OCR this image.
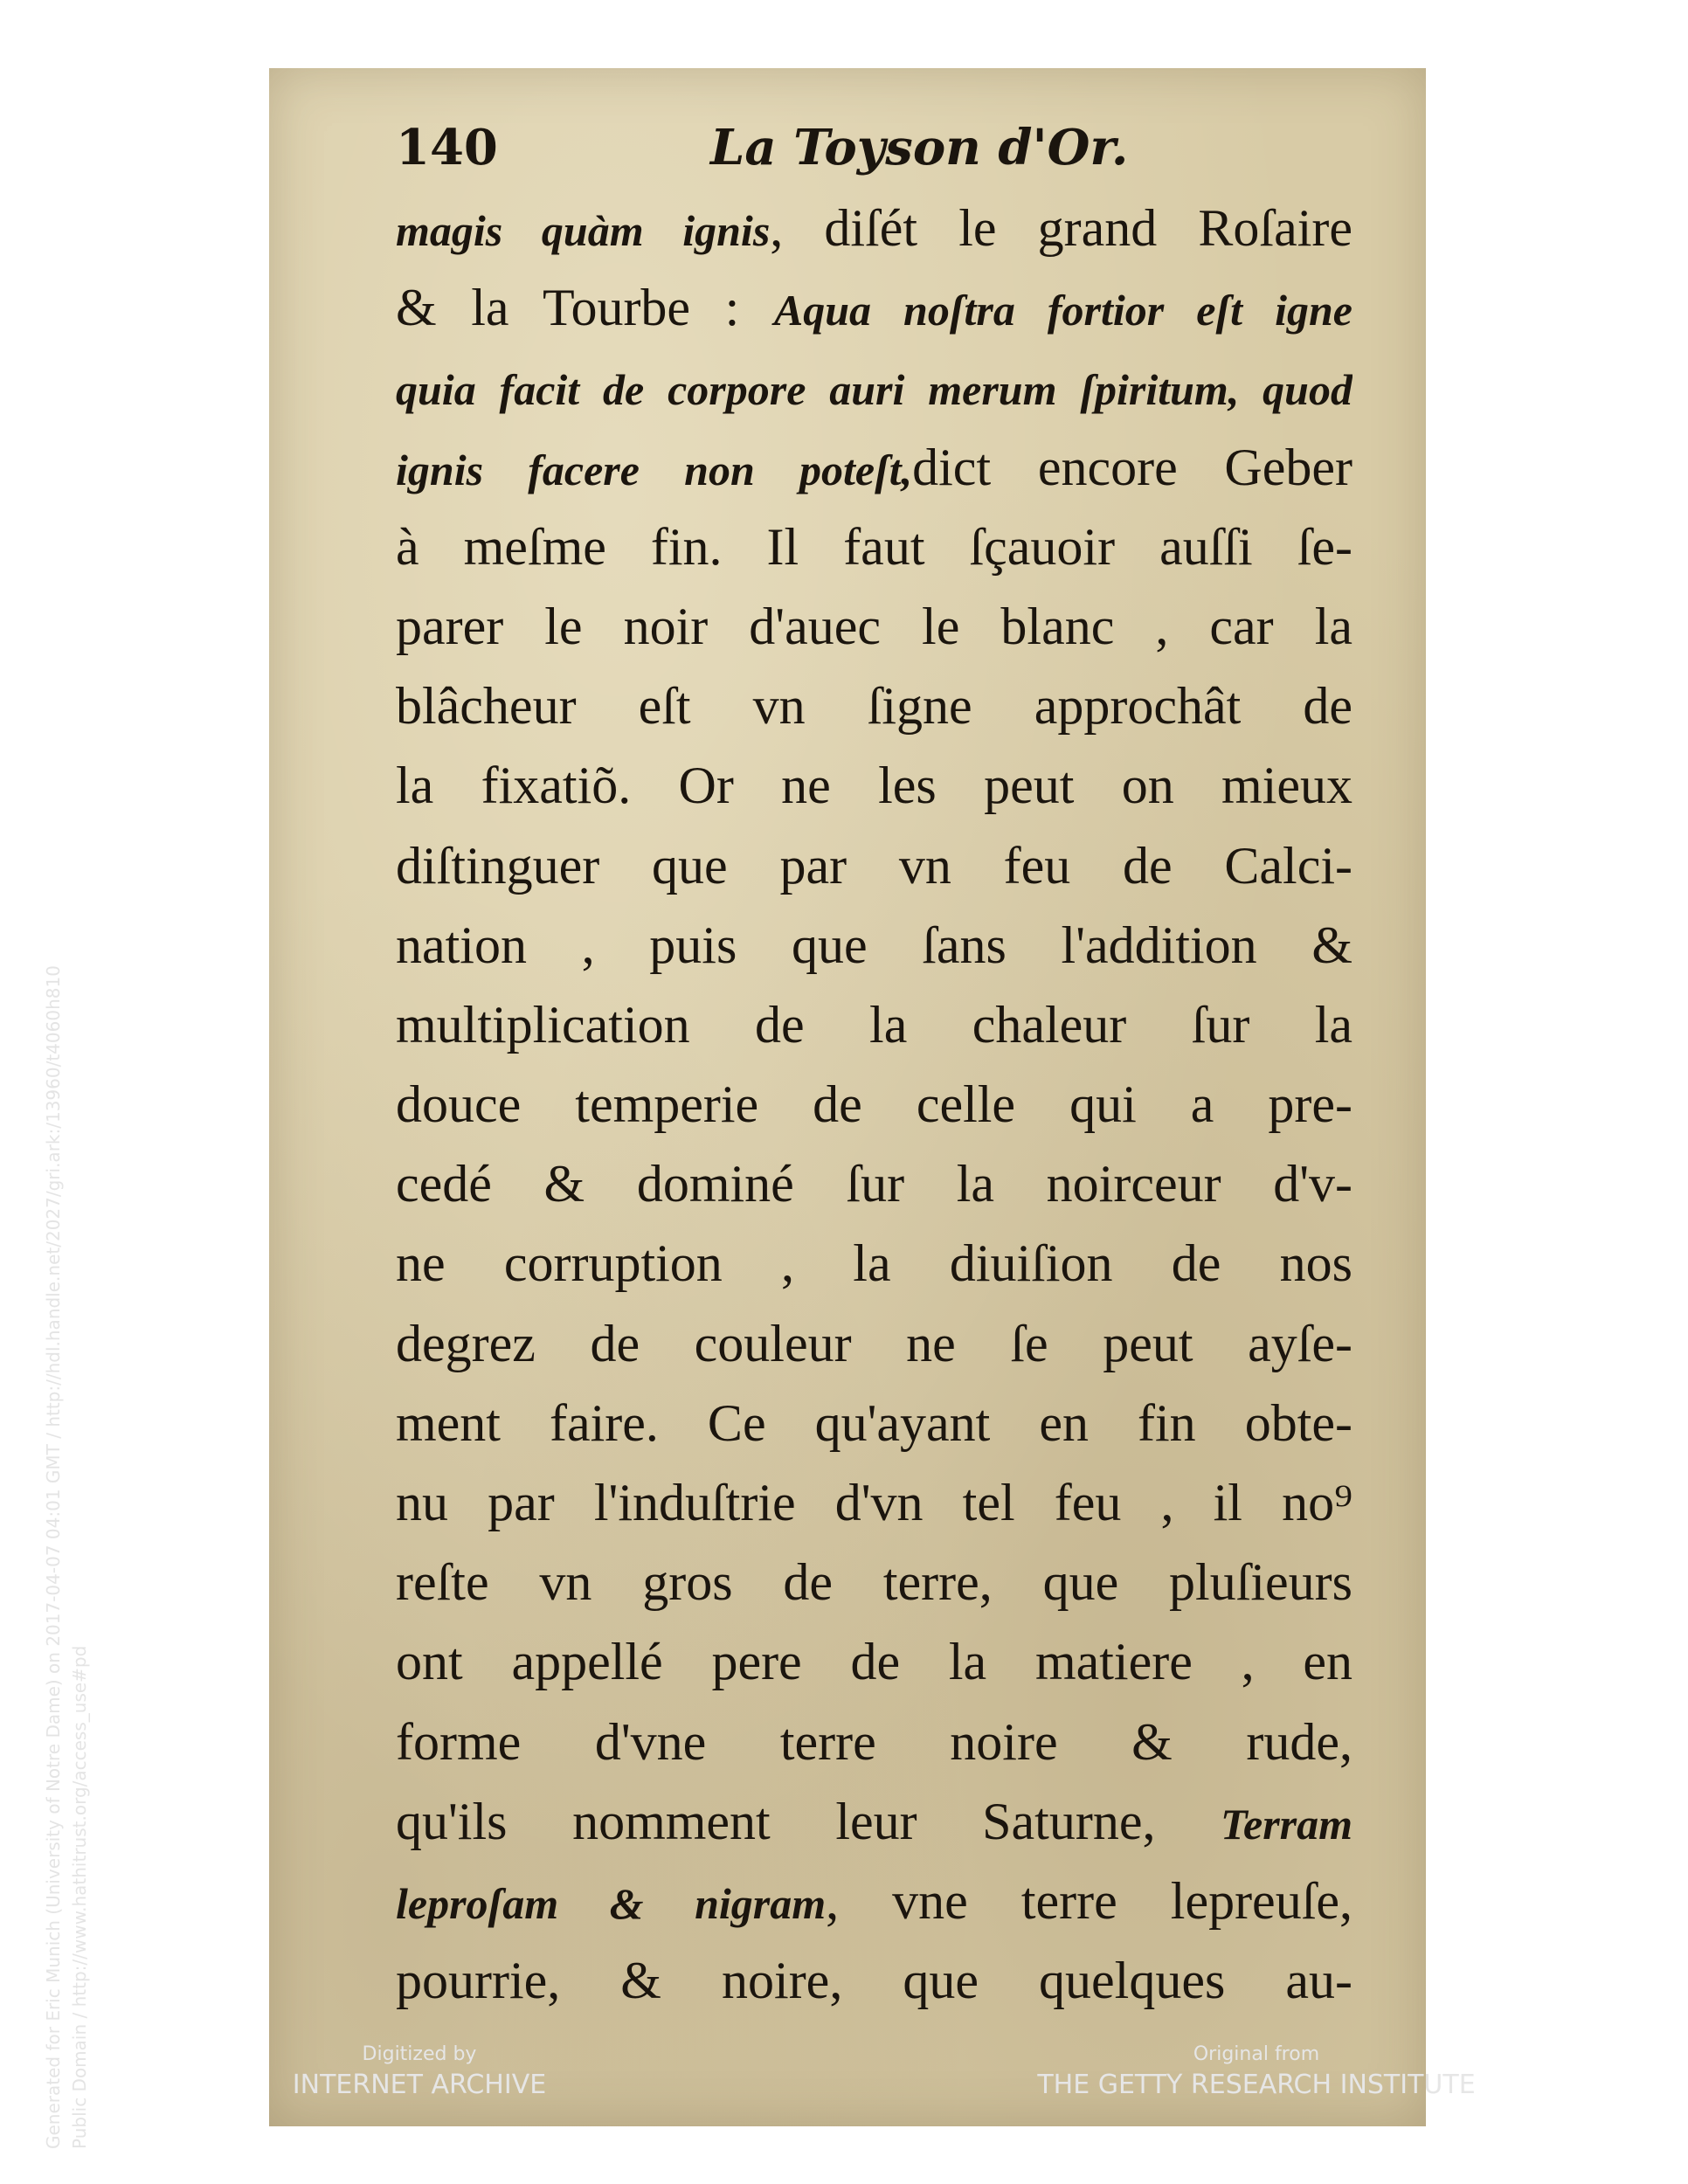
140	La Toyson d'Or.
magis quàm ignis, diſét le grand Roſaire
& la Tourbe : Aqua noſtra fortior eſt igne
quia facit de corpore auri merum ſpiritum, quod
ignis facere non poteſt,dict encore Geber
à meſme fin. Il faut ſçauoir auſſi ſe-
parer le noir d'auec le blanc , car la
blâcheur eſt vn ſigne approchât de
la fixatiõ. Or ne les peut on mieux
diſtinguer que par vn feu de Calci-
nation , puis que ſans l'addition &
multiplication de la chaleur ſur la
douce temperie de celle qui a pre-
cedé & dominé ſur la noirceur d'v-
ne corruption , la diuiſion de nos
degrez de couleur ne ſe peut ayſe-
ment faire. Ce qu'ayant en fin obte-
nu par l'induſtrie d'vn tel feu , il no⁹
reſte vn gros de terre, que pluſieurs
ont appellé pere de la matiere , en
forme d'vne terre noire & rude,
qu'ils nomment leur Saturne, Terram
leproſam & nigram, vne terre lepreuſe,
pourrie, & noire, que quelques au-
Generated for Eric Munich (University of Notre Dame) on 2017-04-07 04:01 GMT / http://hdl.handle.net/2027/gri.ark:/13960/t4060h810 Public Domain / http://www.hathitrust.org/access_use#pd	Digitized by
INTERNET ARCHIVE
Original from
THE GETTY RESEARCH INSTITUTE
